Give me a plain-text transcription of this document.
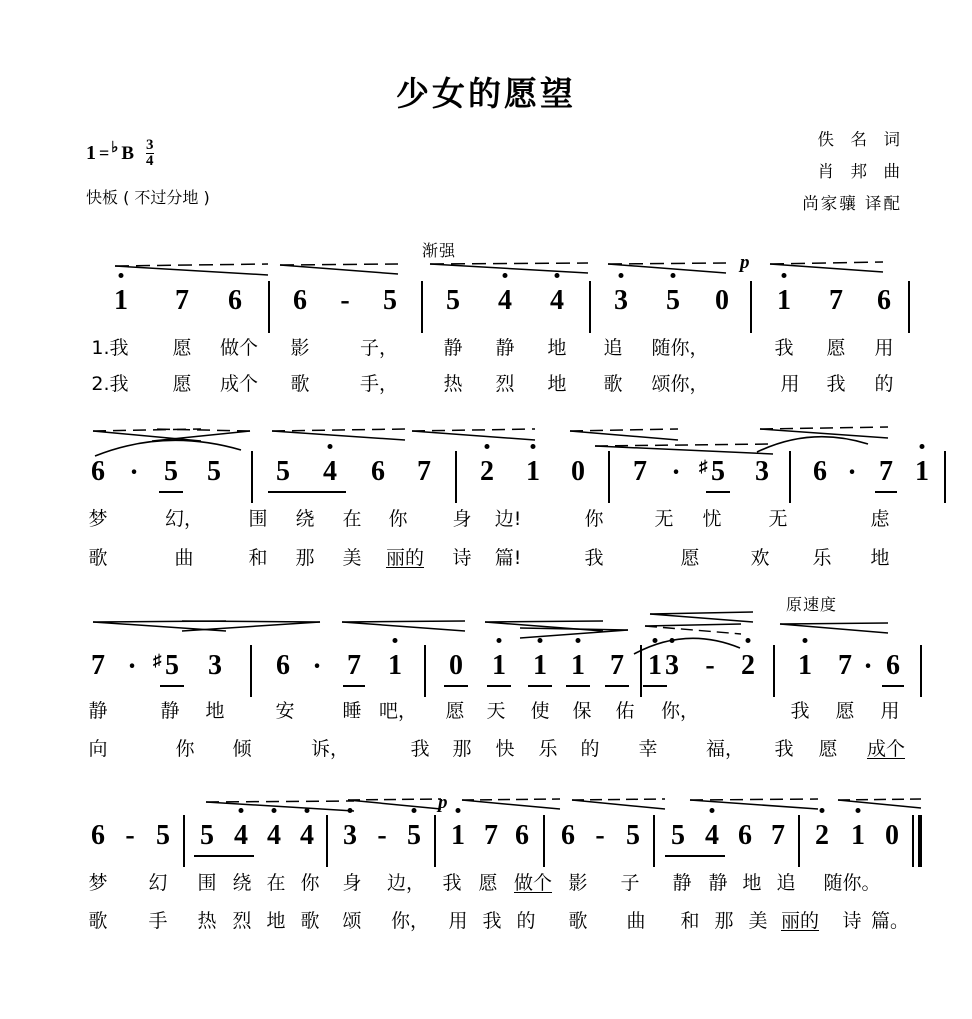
少女的愿望
1 = ♭ B $\frac{3}{4}$
快板 ( 不过分地 )
佚  名  词
肖  邦  曲
尚家骧 译配
渐强
p
1 7 6 6 - 5 5 4 4 3 5 0 1 7 6
1.我 愿 做个 影	子， 静 静 地 追 随你，	我 愿 用
2.我 愿 成个 歌	手， 热 烈 地 歌 颂你，	用 我 的
6 · 5 5 5 4 6 7 2 1 0 7 · ♯ 5 3 6 · 7 1
梦	幻， 围 绕 在 你 身 边!	你	无 忧 无	虑
歌	曲	和 那 美 丽的 诗 篇!	我	愿	欢 乐 地
原速度
7 · ♯ 5 3 6 · 7 1 0 1 1 1 7 1 3 - 2 1 7 · 6
静	静 地	安	睡 吧， 愿 天 使 保 佑 你，	我 愿 用
向	你 倾	诉，	我 那 快 乐 的 幸	福， 我 愿 成个
p
6 - 5 5 4 4 4 3 - 5 1 7 6 6 - 5 5 4 6 7 2 1 0
梦 幻 围 绕 在 你 身 边， 我 愿 做个 影 子 静 静 地 追 随你。
歌 手 热 烈 地 歌 颂 你， 用 我 的 歌 曲 和 那 美 丽的 诗 篇。
